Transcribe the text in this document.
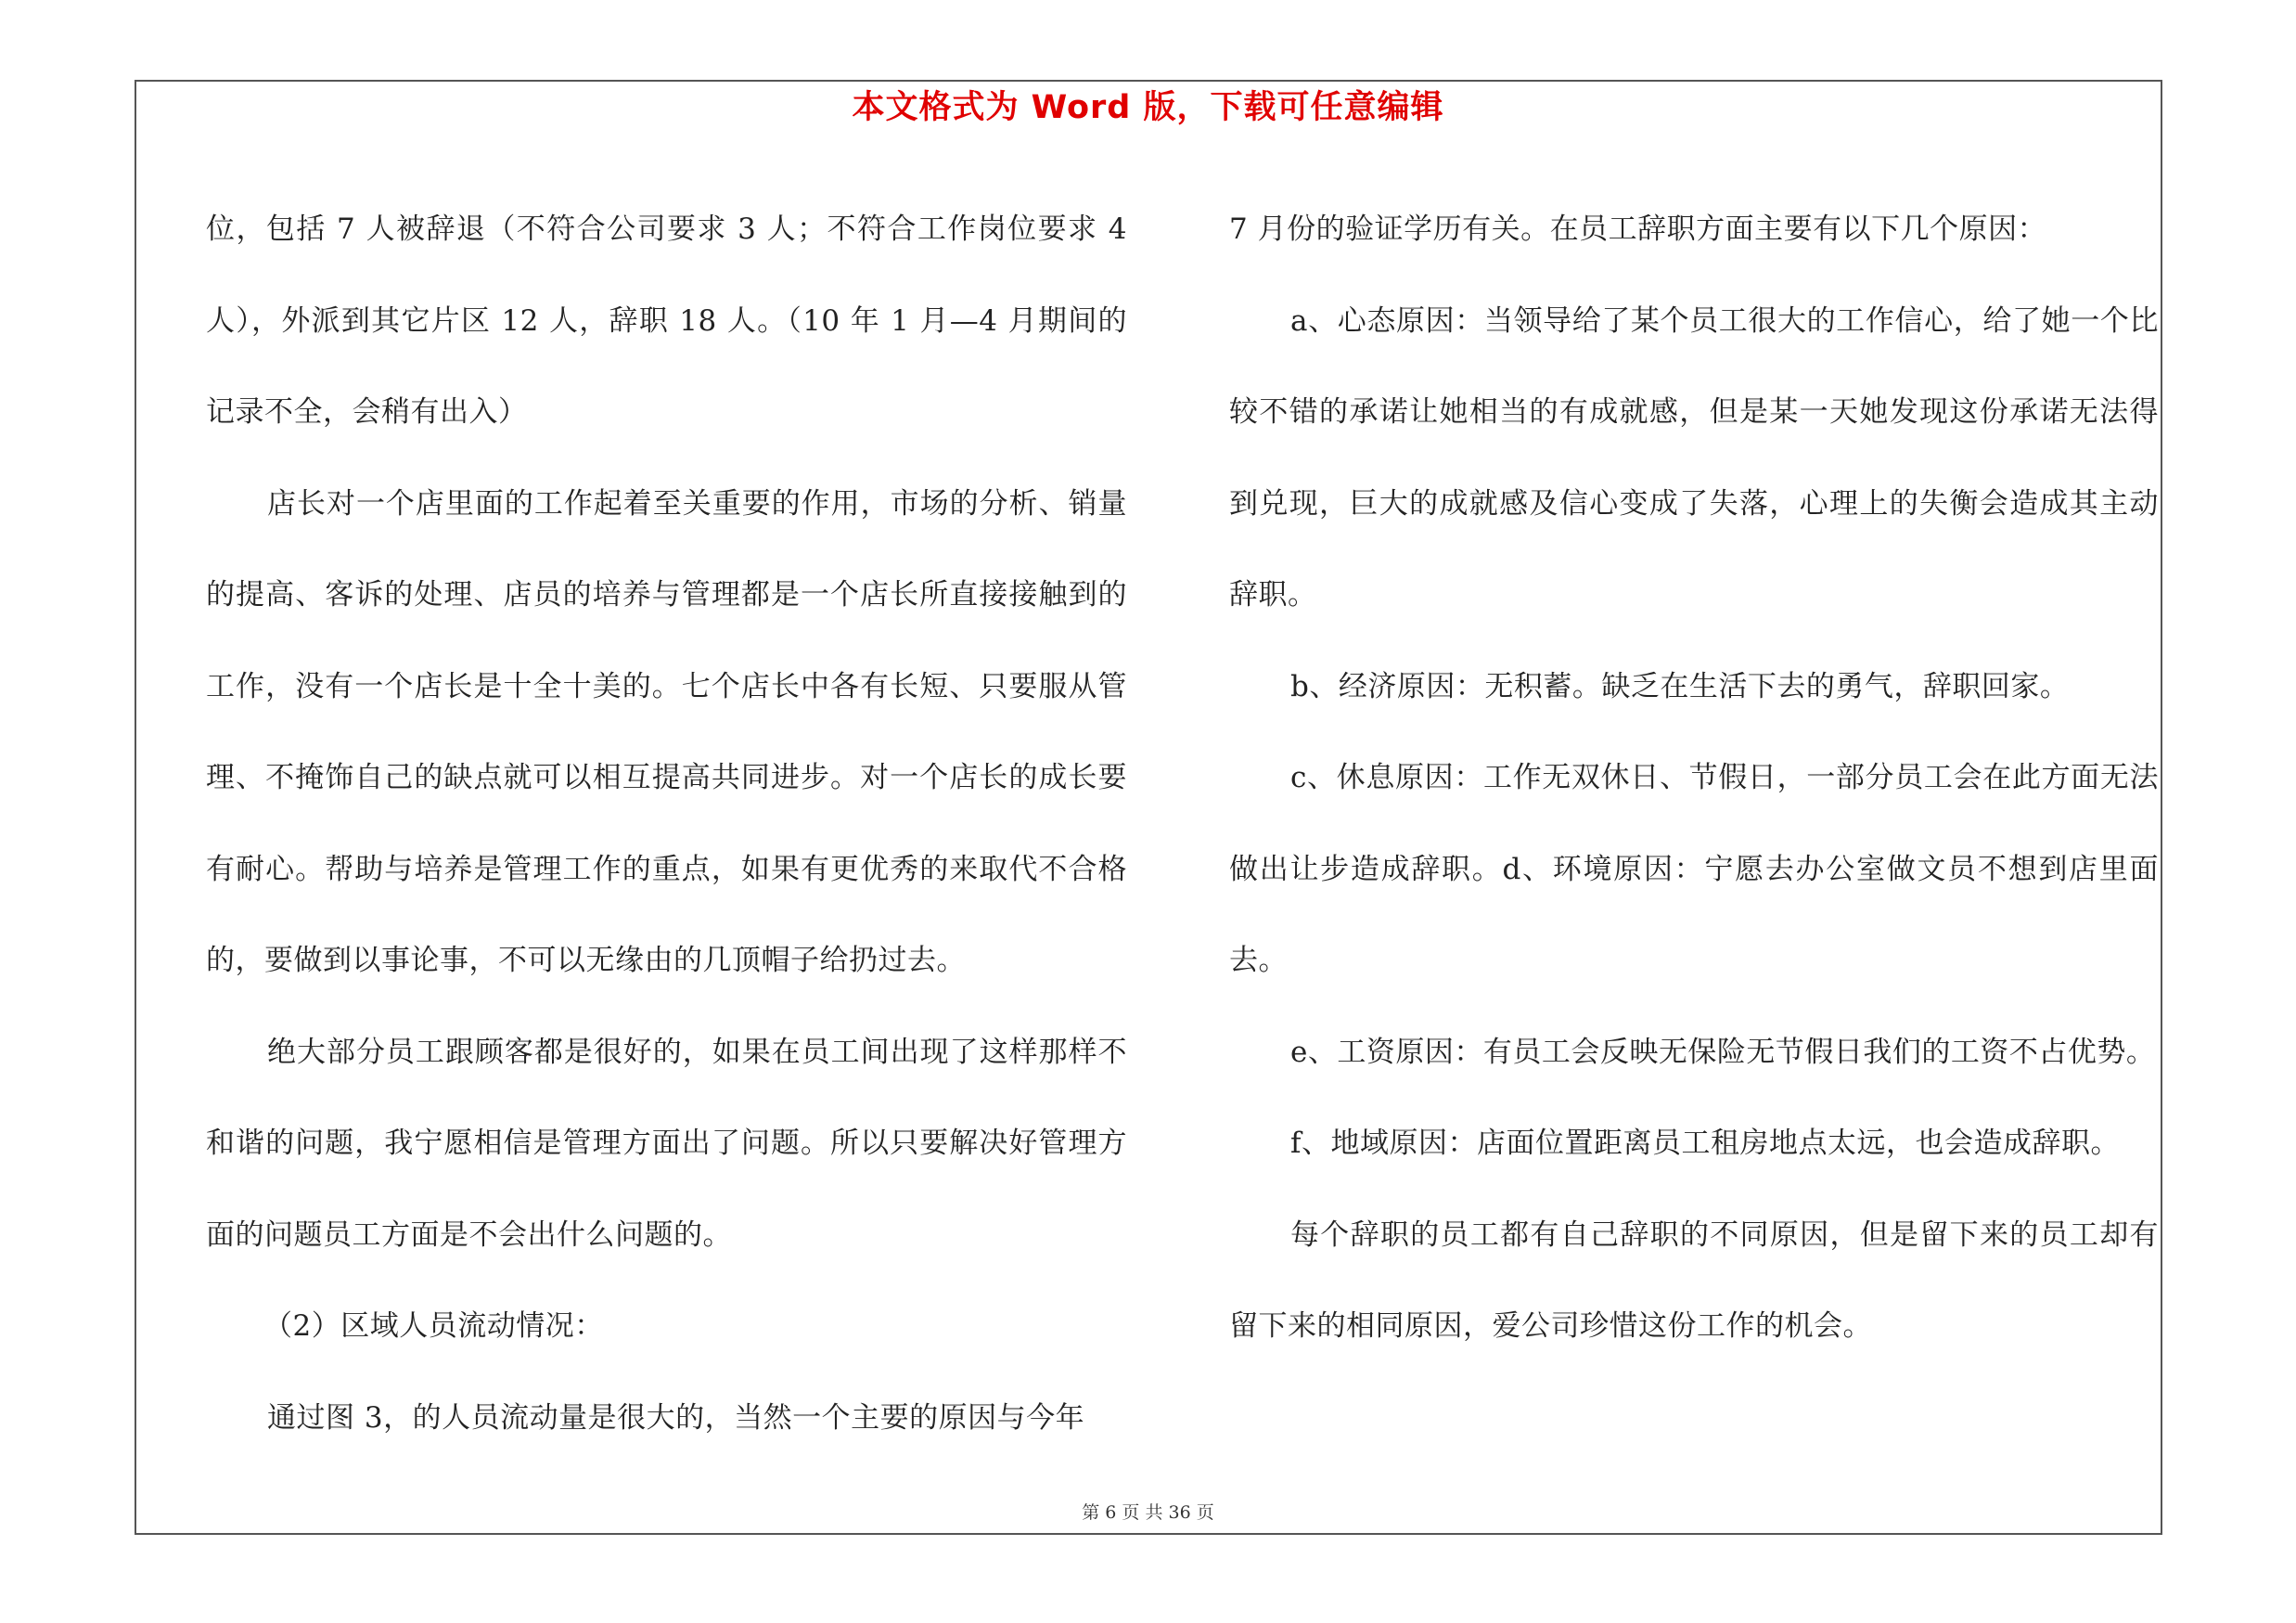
本文格式为 Word 版，下载可任意编辑

位，包括 7 人被辞退（不符合公司要求 3 人；不符合工作岗位要求 4 人），外派到其它片区 12 人，辞职 18 人。（10 年 1 月—4 月期间的记录不全，会稍有出入）

店长对一个店里面的工作起着至关重要的作用，市场的分析、销量的提高、客诉的处理、店员的培养与管理都是一个店长所直接接触到的工作，没有一个店长是十全十美的。七个店长中各有长短、只要服从管理、不掩饰自己的缺点就可以相互提高共同进步。对一个店长的成长要有耐心。帮助与培养是管理工作的重点，如果有更优秀的来取代不合格的，要做到以事论事，不可以无缘由的几顶帽子给扔过去。

绝大部分员工跟顾客都是很好的，如果在员工间出现了这样那样不和谐的问题，我宁愿相信是管理方面出了问题。所以只要解决好管理方面的问题员工方面是不会出什么问题的。

（2）区域人员流动情况：

通过图 3，的人员流动量是很大的，当然一个主要的原因与今年

7 月份的验证学历有关。在员工辞职方面主要有以下几个原因：

a、心态原因：当领导给了某个员工很大的工作信心，给了她一个比较不错的承诺让她相当的有成就感，但是某一天她发现这份承诺无法得到兑现，巨大的成就感及信心变成了失落，心理上的失衡会造成其主动辞职。

b、经济原因：无积蓄。缺乏在生活下去的勇气，辞职回家。

c、休息原因：工作无双休日、节假日，一部分员工会在此方面无法做出让步造成辞职。d、环境原因：宁愿去办公室做文员不想到店里面去。

e、工资原因：有员工会反映无保险无节假日我们的工资不占优势。

f、地域原因：店面位置距离员工租房地点太远，也会造成辞职。

每个辞职的员工都有自己辞职的不同原因，但是留下来的员工却有留下来的相同原因，爱公司珍惜这份工作的机会。

第 6 页 共 36 页
